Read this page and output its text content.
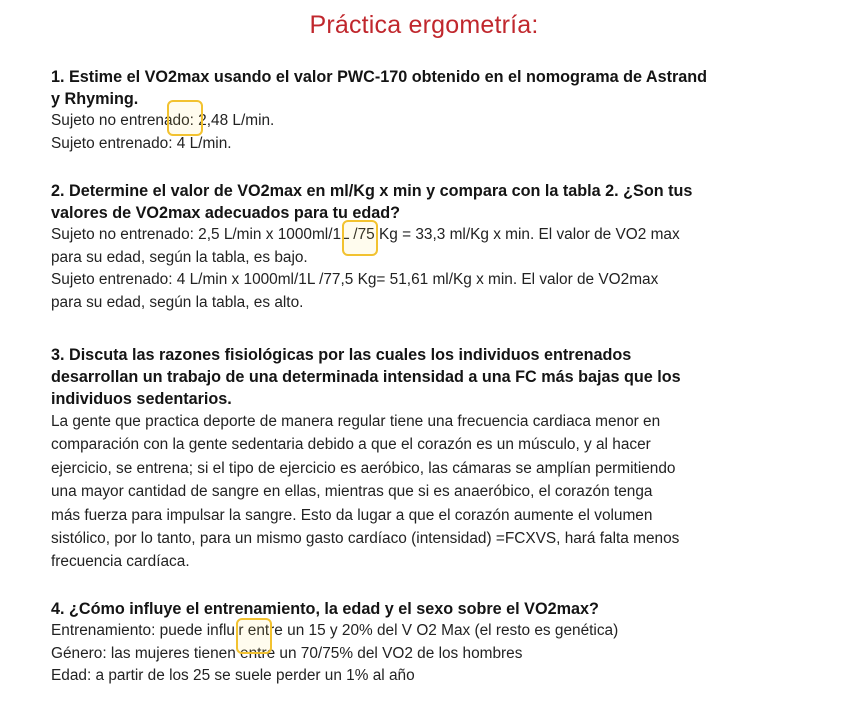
Práctica ergometría:
1. Estime el VO2max usando el valor PWC-170 obtenido en el nomograma de Astrand
y Rhyming.
Sujeto no entrenado: 2,48 L/min.
Sujeto entrenado: 4 L/min.
2. Determine el valor de VO2max en ml/Kg x min y compara con la tabla 2. ¿Son tus
valores de VO2max adecuados para tu edad?
Sujeto no entrenado: 2,5 L/min x 1000ml/1L /75 Kg = 33,3 ml/Kg x min. El valor de VO2 max
para su edad, según la tabla, es bajo.
Sujeto entrenado: 4 L/min x 1000ml/1L /77,5 Kg= 51,61 ml/Kg x min. El valor de VO2max
para su edad, según la tabla, es alto.
3. Discuta las razones fisiológicas por las cuales los individuos entrenados
desarrollan un trabajo de una determinada intensidad a una FC más bajas que los
individuos sedentarios.
La gente que practica deporte de manera regular tiene una frecuencia cardiaca menor en
comparación con la gente sedentaria debido a que el corazón es un músculo, y al hacer
ejercicio, se entrena; si el tipo de ejercicio es aeróbico, las cámaras se amplían permitiendo
una mayor cantidad de sangre en ellas, mientras que si es anaeróbico, el corazón tenga
más fuerza para impulsar la sangre. Esto da lugar a que el corazón aumente el volumen
sistólico, por lo tanto, para un mismo gasto cardíaco (intensidad) =FCXVS, hará falta menos
frecuencia cardíaca.
4. ¿Cómo influye el entrenamiento, la edad y el sexo sobre el VO2max?
Entrenamiento: puede influir entre un 15 y 20% del V O2 Max (el resto es genética)
Género: las mujeres tienen entre un 70/75% del VO2 de los hombres
Edad: a partir de los 25 se suele perder un 1% al año
